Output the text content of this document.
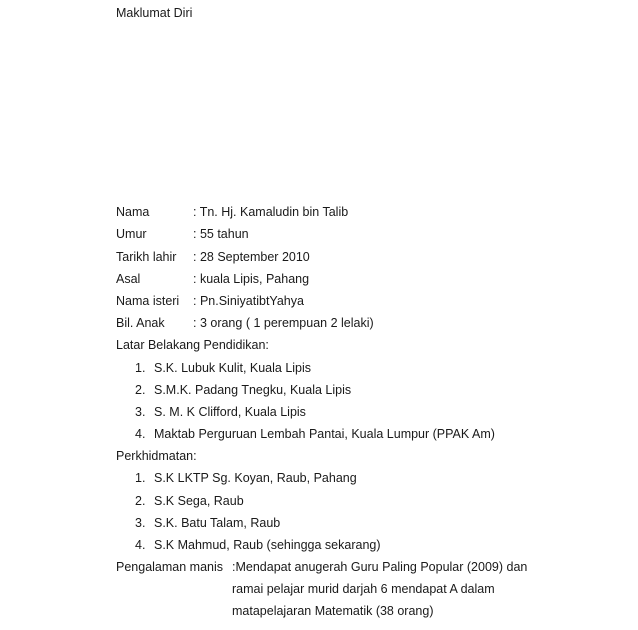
Maklumat Diri
Nama	: Tn. Hj. Kamaludin bin Talib
Umur	: 55 tahun
Tarikh lahir : 28 September 2010
Asal	: kuala Lipis, Pahang
Nama isteri : Pn.SiniyatibtYahya
Bil. Anak : 3 orang ( 1 perempuan 2 lelaki)
Latar Belakang Pendidikan:
1. S.K. Lubuk Kulit, Kuala Lipis
2. S.M.K. Padang Tnegku, Kuala Lipis
3. S. M. K Clifford, Kuala Lipis
4. Maktab Perguruan Lembah Pantai, Kuala Lumpur (PPAK Am)
Perkhidmatan:
1. S.K LKTP Sg. Koyan, Raub, Pahang
2. S.K Sega, Raub
3. S.K. Batu Talam, Raub
4. S.K Mahmud, Raub (sehingga sekarang)
Pengalaman manis :Mendapat anugerah Guru Paling Popular (2009) dan
ramai pelajar murid darjah 6 mendapat A dalam
matapelajaran Matematik (38 orang)
